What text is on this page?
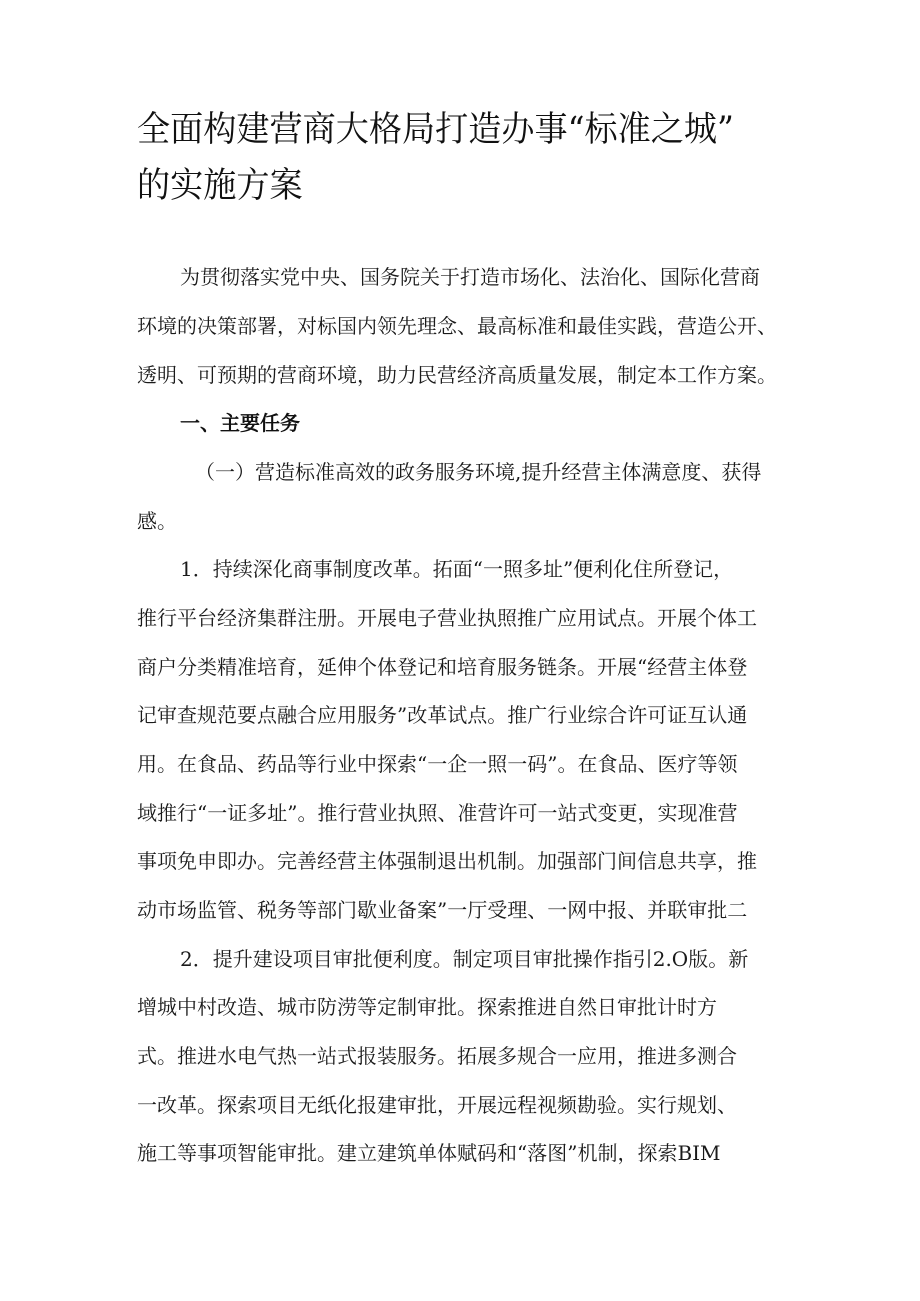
全面构建营商大格局打造办事“标准之城”
的实施方案
为贯彻落实党中央、国务院关于打造市场化、法治化、国际化营商
环境的决策部署，对标国内领先理念、最高标准和最佳实践，营造公开、
透明、可预期的营商环境，助力民营经济高质量发展，制定本工作方案。
一、主要任务
（一）营造标准高效的政务服务环境,提升经营主体满意度、获得
感。
1．持续深化商事制度改革。拓面“一照多址”便利化住所登记，
推行平台经济集群注册。开展电子营业执照推广应用试点。开展个体工
商户分类精准培育，延伸个体登记和培育服务链条。开展“经营主体登
记审查规范要点融合应用服务”改革试点。推广行业综合许可证互认通
用。在食品、药品等行业中探索“一企一照一码”。在食品、医疗等领
域推行“一证多址”。推行营业执照、准营许可一站式变更，实现准营
事项免申即办。完善经营主体强制退出机制。加强部门间信息共享，推
动市场监管、税务等部门歇业备案”一厅受理、一网中报、并联审批二
2．提升建设项目审批便利度。制定项目审批操作指引2.O版。新
增城中村改造、城市防涝等定制审批。探索推进自然日审批计时方
式。推进水电气热一站式报装服务。拓展多规合一应用，推进多测合
一改革。探索项目无纸化报建审批，开展远程视频勘验。实行规划、
施工等事项智能审批。建立建筑单体赋码和“落图”机制，探索BIM
